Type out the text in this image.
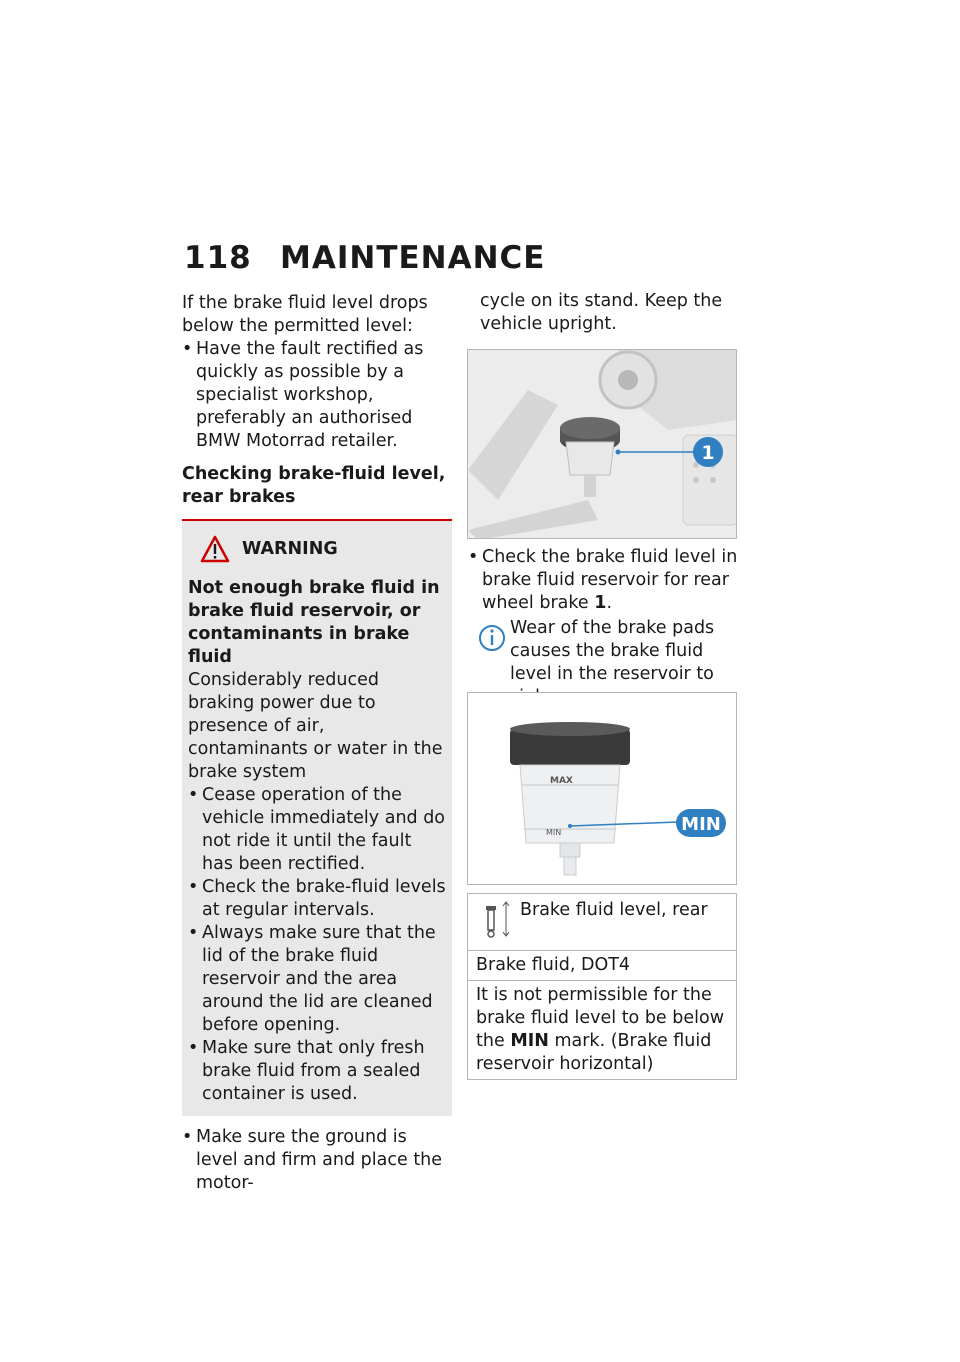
118 MAINTENANCE

If the brake fluid level drops below the permitted level:

• Have the fault rectified as quickly as possible by a specialist workshop, preferably an authorised BMW Motorrad retailer.

Checking brake-fluid level, rear brakes

WARNING

Not enough brake fluid in brake fluid reservoir, or contaminants in brake fluid

Considerably reduced braking power due to presence of air, contaminants or water in the brake system

• Cease operation of the vehicle immediately and do not ride it until the fault has been rectified.

• Check the brake-fluid levels at regular intervals.

• Always make sure that the lid of the brake fluid reservoir and the area around the lid are cleaned before opening.

• Make sure that only fresh brake fluid from a sealed container is used.

• Make sure the ground is level and firm and place the motor-

cycle on its stand. Keep the vehicle upright.

1

• Check the brake fluid level in brake fluid reservoir for rear wheel brake 1.

Wear of the brake pads causes the brake fluid level in the reservoir to

MAX
MIN	MIN
Brake fluid level, rear
Brake fluid, DOT4
It is not permissible for the brake fluid level to be below the MIN mark. (Brake fluid reservoir horizontal)
